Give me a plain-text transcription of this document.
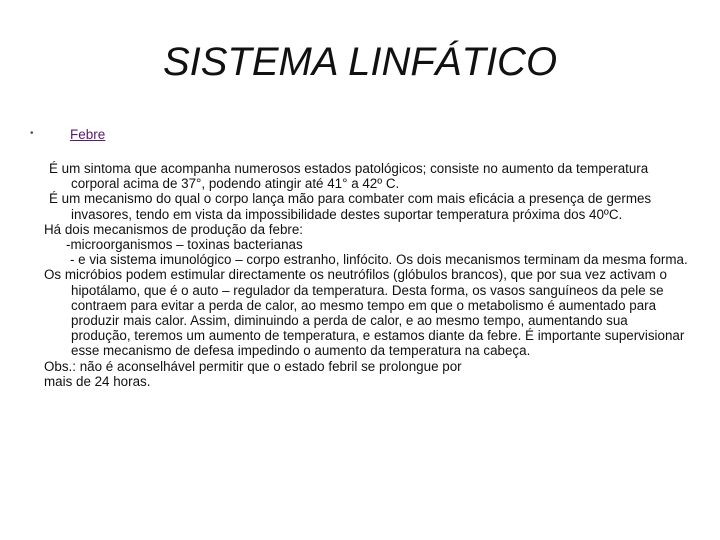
SISTEMA LINFÁTICO
•	Febre

É um sintoma que acompanha numerosos estados patológicos; consiste no aumento da temperatura corporal acima de 37°, podendo atingir até 41° a 42º C.

É um mecanismo do qual o corpo lança mão para combater com mais eficácia a presença de germes invasores, tendo em vista da impossibilidade destes suportar temperatura próxima dos 40ºC.

Há dois mecanismos de produção da febre:

-microorganismos – toxinas bacterianas

- e via sistema imunológico – corpo estranho, linfócito. Os dois mecanismos terminam da mesma forma.

Os micróbios podem estimular directamente os neutrófilos (glóbulos brancos), que por sua vez activam o hipotálamo, que é o auto – regulador da temperatura. Desta forma, os vasos sanguíneos da pele se contraem para evitar a perda de calor, ao mesmo tempo em que o metabolismo é aumentado para produzir mais calor. Assim, diminuindo a perda de calor, e ao mesmo tempo, aumentando sua produção, teremos um aumento de temperatura, e estamos diante da febre. É importante supervisionar esse mecanismo de defesa impedindo o aumento da temperatura na cabeça.

Obs.: não é aconselhável permitir que o estado febril se prolongue por

mais de 24 horas.
